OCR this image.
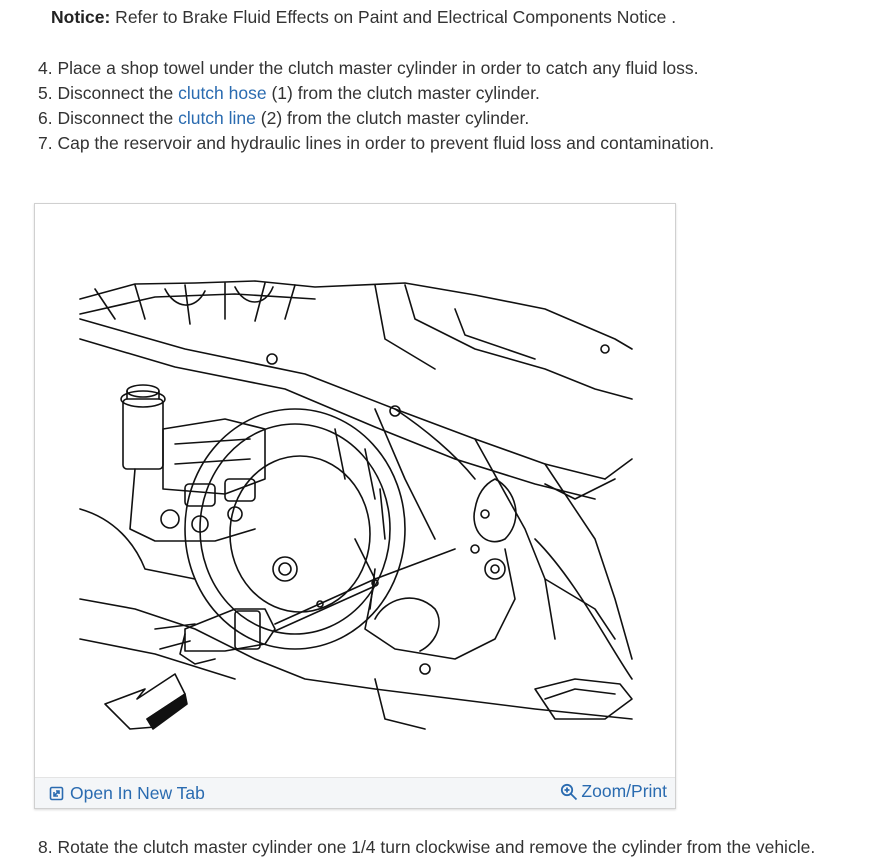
Notice: Refer to Brake Fluid Effects on Paint and Electrical Components Notice .
4. Place a shop towel under the clutch master cylinder in order to catch any fluid loss.
5. Disconnect the clutch hose (1) from the clutch master cylinder.
6. Disconnect the clutch line (2) from the clutch master cylinder.
7. Cap the reservoir and hydraulic lines in order to prevent fluid loss and contamination.
Open In New Tab	Zoom/Print
8. Rotate the clutch master cylinder one 1/4 turn clockwise and remove the cylinder from the vehicle.
